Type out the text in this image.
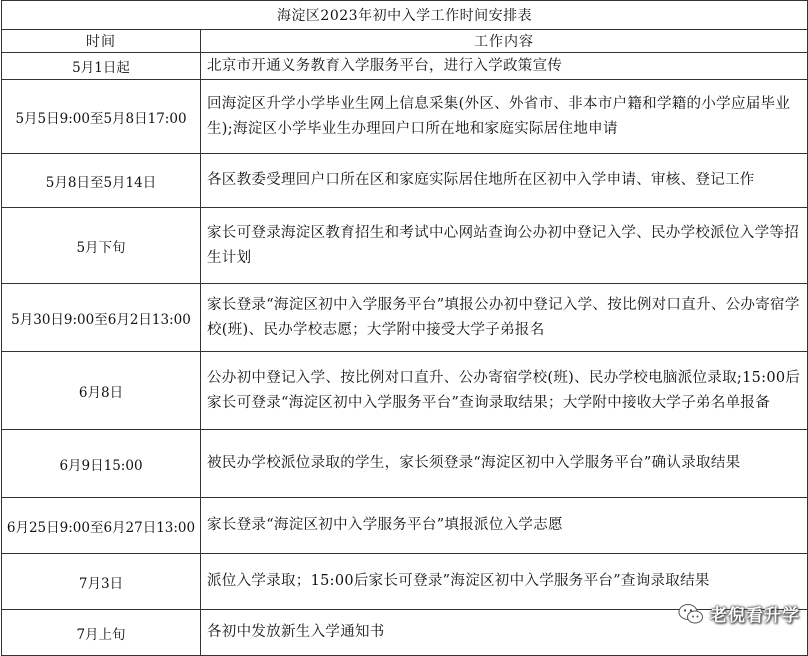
海淀区2023年初中入学工作时间安排表	
时间	工作内容
5月1日起	北京市开通义务教育入学服务平台，进行入学政策宣传
5月5日9:00至5月8日17:00	回海淀区升学小学毕业生网上信息采集(外区、外省市、非本市户籍和学籍的小学应届毕业生);海淀区小学毕业生办理回户口所在地和家庭实际居住地申请
5月8日至5月14日	各区教委受理回户口所在区和家庭实际居住地所在区初中入学申请、审核、登记工作
5月下旬	家长可登录海淀区教育招生和考试中心网站查询公办初中登记入学、民办学校派位入学等招生计划
5月30日9:00至6月2日13:00	家长登录“海淀区初中入学服务平台”填报公办初中登记入学、按比例对口直升、公办寄宿学校(班)、民办学校志愿；大学附中接受大学子弟报名
6月8日	公办初中登记入学、按比例对口直升、公办寄宿学校(班)、民办学校电脑派位录取;15:00后家长可登录“海淀区初中入学服务平台”查询录取结果；大学附中接收大学子弟名单报备
6月9日15:00	被民办学校派位录取的学生，家长须登录“海淀区初中入学服务平台”确认录取结果
6月25日9:00至6月27日13:00	家长登录“海淀区初中入学服务平台”填报派位入学志愿
7月3日	派位入学录取；15:00后家长可登录”海淀区初中入学服务平台”查询录取结果
7月上旬	各初中发放新生入学通知书
老倪看升学
